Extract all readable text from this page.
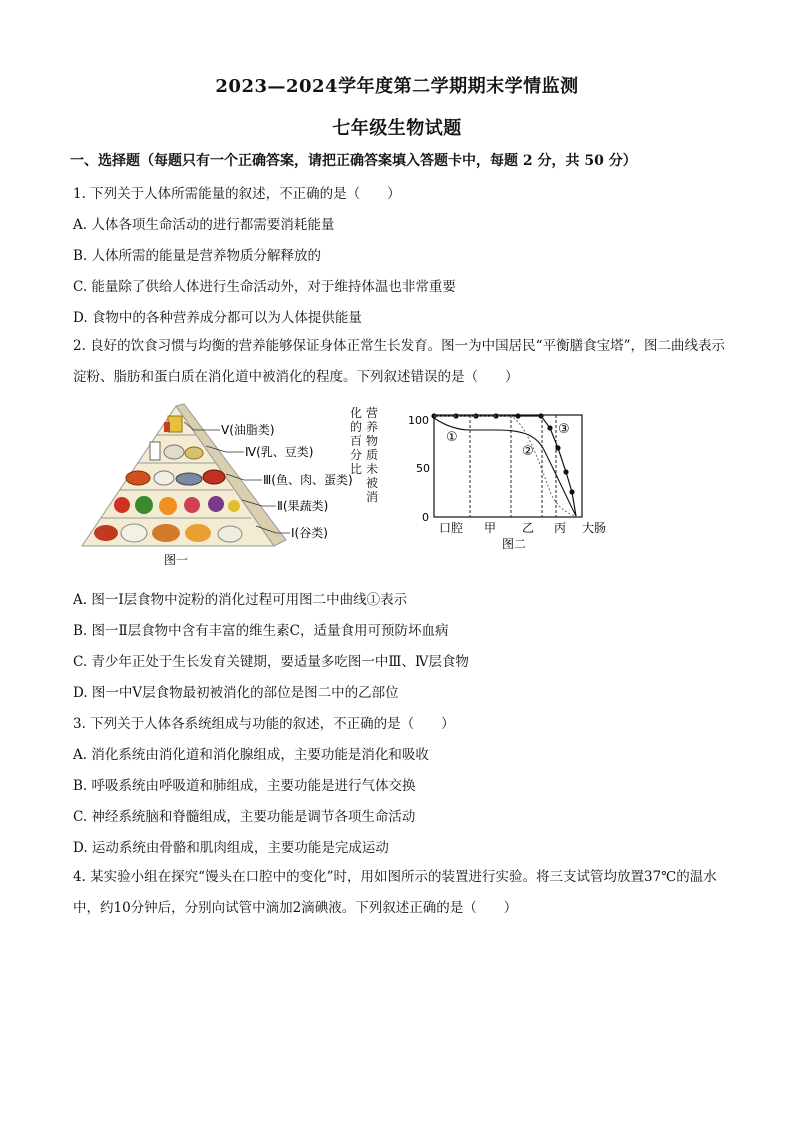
2023—2024学年度第二学期期末学情监测
七年级生物试题
一、选择题（每题只有一个正确答案，请把正确答案填入答题卡中，每题 2 分，共 50 分）
1. 下列关于人体所需能量的叙述，不正确的是（　　）
A. 人体各项生命活动的进行都需要消耗能量
B. 人体所需的能量是营养物质分解释放的
C. 能量除了供给人体进行生命活动外，对于维持体温也非常重要
D. 食物中的各种营养成分都可以为人体提供能量
2. 良好的饮食习惯与均衡的营养能够保证身体正常生长发育。图一为中国居民“平衡膳食宝塔”，图二曲线表示淀粉、脂肪和蛋白质在消化道中被消化的程度。下列叙述错误的是（　　）
Ⅴ(油脂类)
Ⅳ(乳、豆类)
Ⅲ(鱼、肉、蛋类)
Ⅱ(果蔬类)
Ⅰ(谷类)
图一
化
的
百
分
比
营
养
物
质
未
被
消
100
50
0
①
②
③
口腔 甲 乙 丙 大肠
图二
A. 图一Ⅰ层食物中淀粉的消化过程可用图二中曲线①表示
B. 图一Ⅱ层食物中含有丰富的维生素C，适量食用可预防坏血病
C. 青少年正处于生长发育关键期，要适量多吃图一中Ⅲ、Ⅳ层食物
D. 图一中Ⅴ层食物最初被消化的部位是图二中的乙部位
3. 下列关于人体各系统组成与功能的叙述，不正确的是（　　）
A. 消化系统由消化道和消化腺组成，主要功能是消化和吸收
B. 呼吸系统由呼吸道和肺组成，主要功能是进行气体交换
C. 神经系统脑和脊髓组成，主要功能是调节各项生命活动
D. 运动系统由骨骼和肌肉组成，主要功能是完成运动
4. 某实验小组在探究“馒头在口腔中的变化”时，用如图所示的装置进行实验。将三支试管均放置37℃的温水中，约10分钟后，分别向试管中滴加2滴碘液。下列叙述正确的是（　　）
